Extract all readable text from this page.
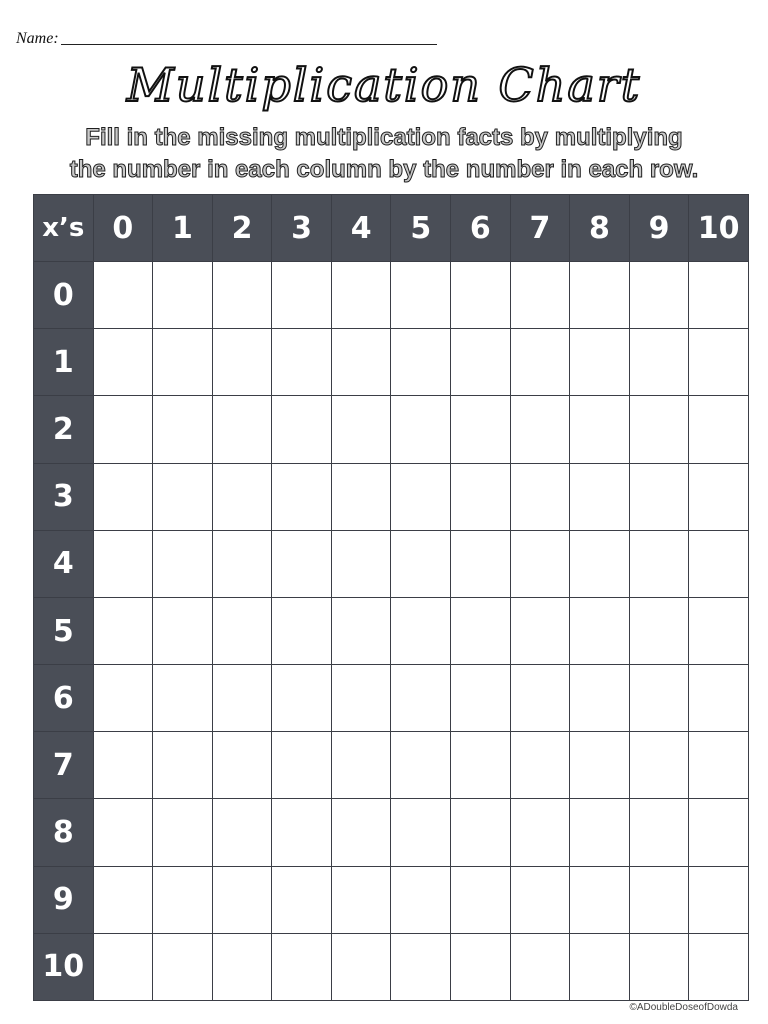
Name:
Multiplication Chart
Fill in the missing multiplication facts by multiplying
the number in each column by the number in each row.
x’s	0	1	2	3	4	5	6	7	8	9	10
0											
1											
2											
3											
4											
5											
6											
7											
8											
9											
10											
©ADoubleDoseofDowda
